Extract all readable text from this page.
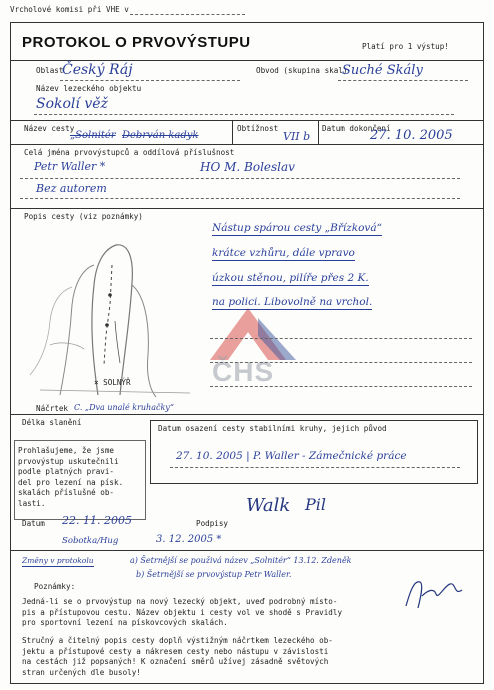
Vrcholové komisi při VHE v
PROTOKOL O PRVOVÝSTUPU	Platí pro 1 výstup!
Oblast
Český Ráj	Obvod (skupina skal)
Suché Skály
Název lezeckého objektu
Sokolí věž
Název cesty
„Solnitér Debrván kadyk
Obtížnost
VII b
Datum dokončení
27. 10. 2005
Celá jména prvovýstupců a oddílová příslušnost
Petr Waller *	HO M. Boleslav
Bez autorem
Popis cesty (viz poznámky)
× SOLNÝŘ
Náčrtek C. „Dva unalé kruhačky“
ČHS
Nástup spárou cesty „Břízková“
krátce vzhůru, dále vpravo
úzkou stěnou, pilíře přes 2 K.
na polici. Libovolně na vrchol.
Délka slanění
Datum osazení cesty stabilními kruhy, jejich původ
27. 10. 2005 | P. Waller - Zámečnické práce
Prohlašujeme, že jsme
prvovýstup uskutečnili
podle platných pravi-
del pro lezení na písk.
skalách příslušné ob-
lasti.
Datum 22. 11. 2005	Podpisy
Walk Pil
Sobotka/Hug	3. 12. 2005 *
Změny v protokolu	a) Šetrnější se použivá název „Solnitér“ 13.12. Zdeněk
b) Šetrnější se prvovýstup Petr Waller.
Poznámky:
Jedná-li se o prvovýstup na nový lezecký objekt, uveď podrobný místo-
pis a přístupovou cestu. Název objektu i cesty vol ve shodě s Pravidly
pro sportovní lezení na pískovcových skalách.
Stručný a čitelný popis cesty doplň výstižným náčrtkem lezeckého ob-
jektu a přístupové cesty a nákresem cesty nebo nástupu v závislosti
na cestách již popsaných! K označení směrů užívej zásadně světových
stran určených dle busoly!
